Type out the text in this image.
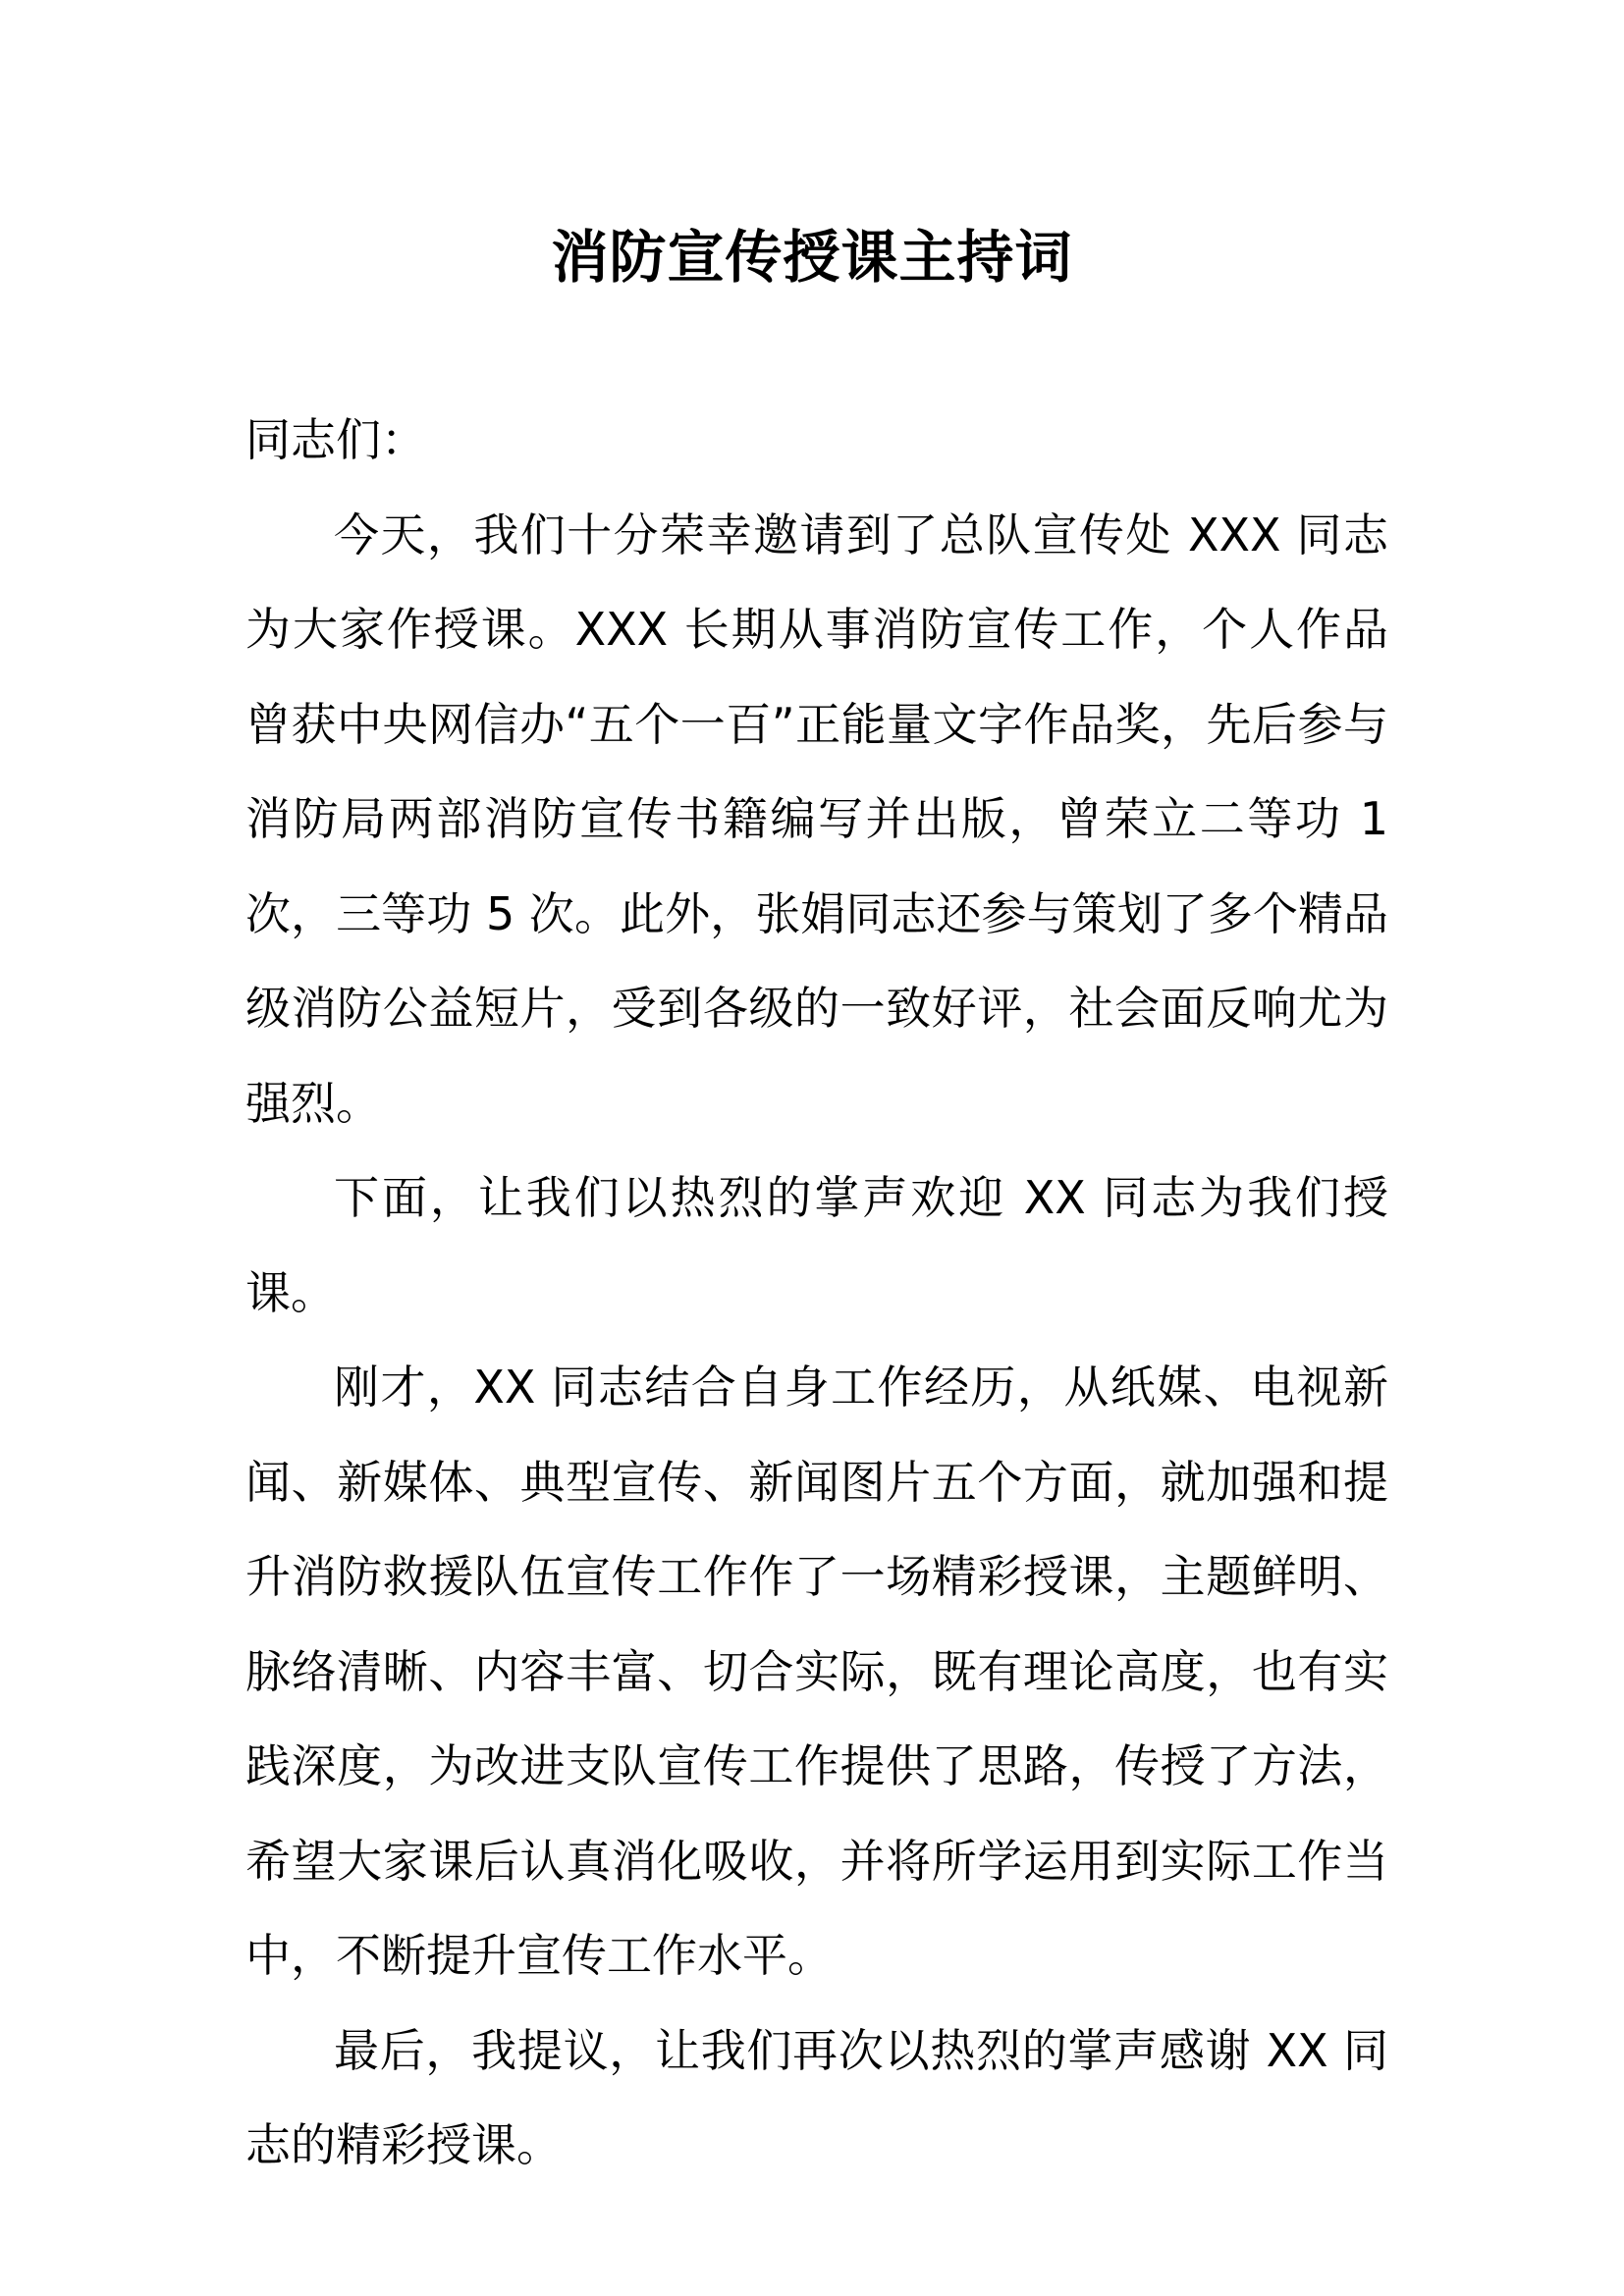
消防宣传授课主持词

同志们：

今天，我们十分荣幸邀请到了总队宣传处 XXX 同志为大家作授课。XXX 长期从事消防宣传工作，个人作品曾获中央网信办“五个一百”正能量文字作品奖，先后参与消防局两部消防宣传书籍编写并出版，曾荣立二等功 1 次，三等功 5 次。此外，张娟同志还参与策划了多个精品级消防公益短片，受到各级的一致好评，社会面反响尤为强烈。

下面，让我们以热烈的掌声欢迎 XX 同志为我们授课。

刚才，XX 同志结合自身工作经历，从纸媒、电视新闻、新媒体、典型宣传、新闻图片五个方面，就加强和提升消防救援队伍宣传工作作了一场精彩授课，主题鲜明、脉络清晰、内容丰富、切合实际，既有理论高度，也有实践深度，为改进支队宣传工作提供了思路，传授了方法，希望大家课后认真消化吸收，并将所学运用到实际工作当中，不断提升宣传工作水平。

最后，我提议，让我们再次以热烈的掌声感谢 XX 同志的精彩授课。
